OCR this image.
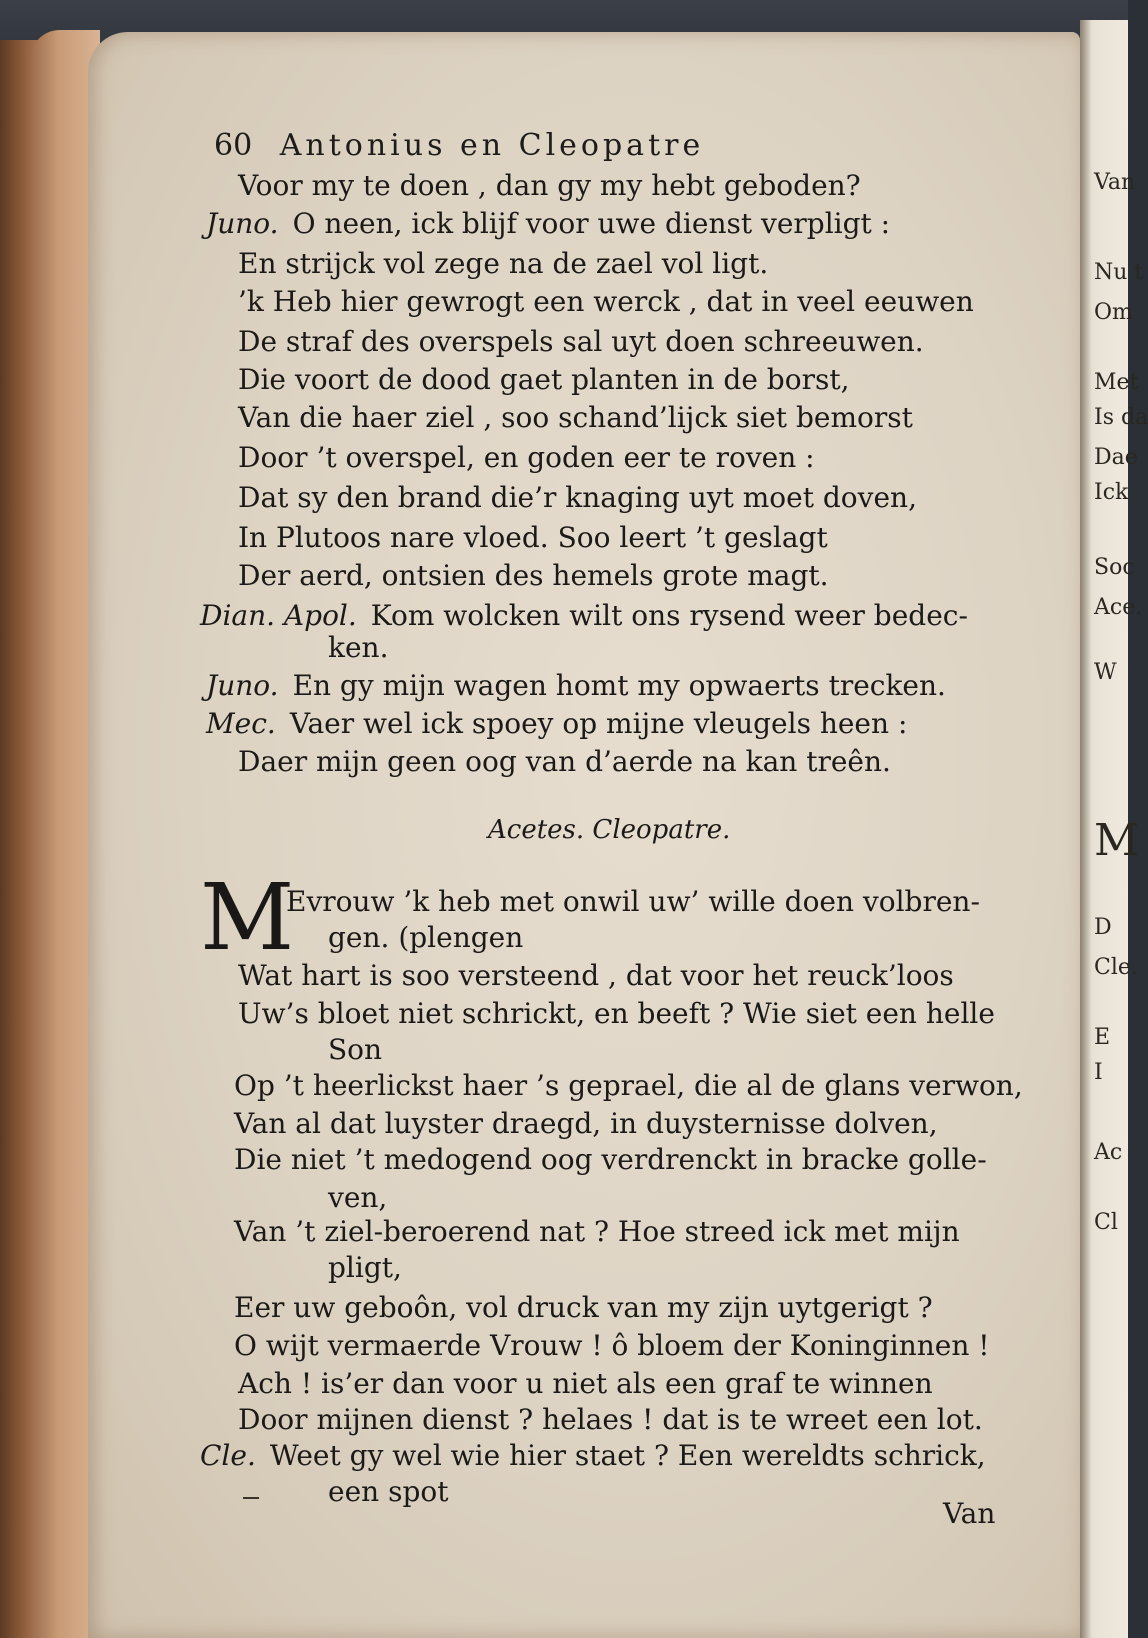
60 Antonius en Cleopatre
Voor my te doen , dan gy my hebt geboden?
Juno. O neen, ick blijf voor uwe dienst verpligt :
En strijck vol zege na de zael vol ligt.
’k Heb hier gewrogt een werck , dat in veel eeuwen
De straf des overspels sal uyt doen schreeuwen.
Die voort de dood gaet planten in de borst,
Van die haer ziel , soo schand’lijck siet bemorst
Door ’t overspel, en goden eer te roven :
Dat sy den brand die’r knaging uyt moet doven,
In Plutoos nare vloed. Soo leert ’t geslagt
Der aerd, ontsien des hemels grote magt.
Dian. Apol. Kom wolcken wilt ons rysend weer bedec-
ken.
Juno. En gy mijn wagen homt my opwaerts trecken.
Mec. Vaer wel ick spoey op mijne vleugels heen :
Daer mijn geen oog van d’aerde na kan treên.
Acetes. Cleopatre.
M
Evrouw ’k heb met onwil uw’ wille doen volbren-
gen. (plengen
Wat hart is soo versteend , dat voor het reuck’loos
Uw’s bloet niet schrickt, en beeft ? Wie siet een helle
Son
Op ’t heerlickst haer ’s geprael, die al de glans verwon,
Van al dat luyster draegd, in duysternisse dolven,
Die niet ’t medogend oog verdrenckt in bracke golle-
ven,
Van ’t ziel-beroerend nat ? Hoe streed ick met mijn
pligt,
Eer uw geboôn, vol druck van my zijn uytgerigt ?
O wijt vermaerde Vrouw ! ô bloem der Koninginnen !
Ach ! is’er dan voor u niet als een graf te winnen
Door mijnen dienst ? helaes ! dat is te wreet een lot.
Cle. Weet gy wel wie hier staet ? Een wereldts schrick,
een spot
Van
Van
Nu t
Om
Met
Is da
Dae
Ick
Soc
Ace.
W
M
D
Cle.
E
I
Ac
Cl
